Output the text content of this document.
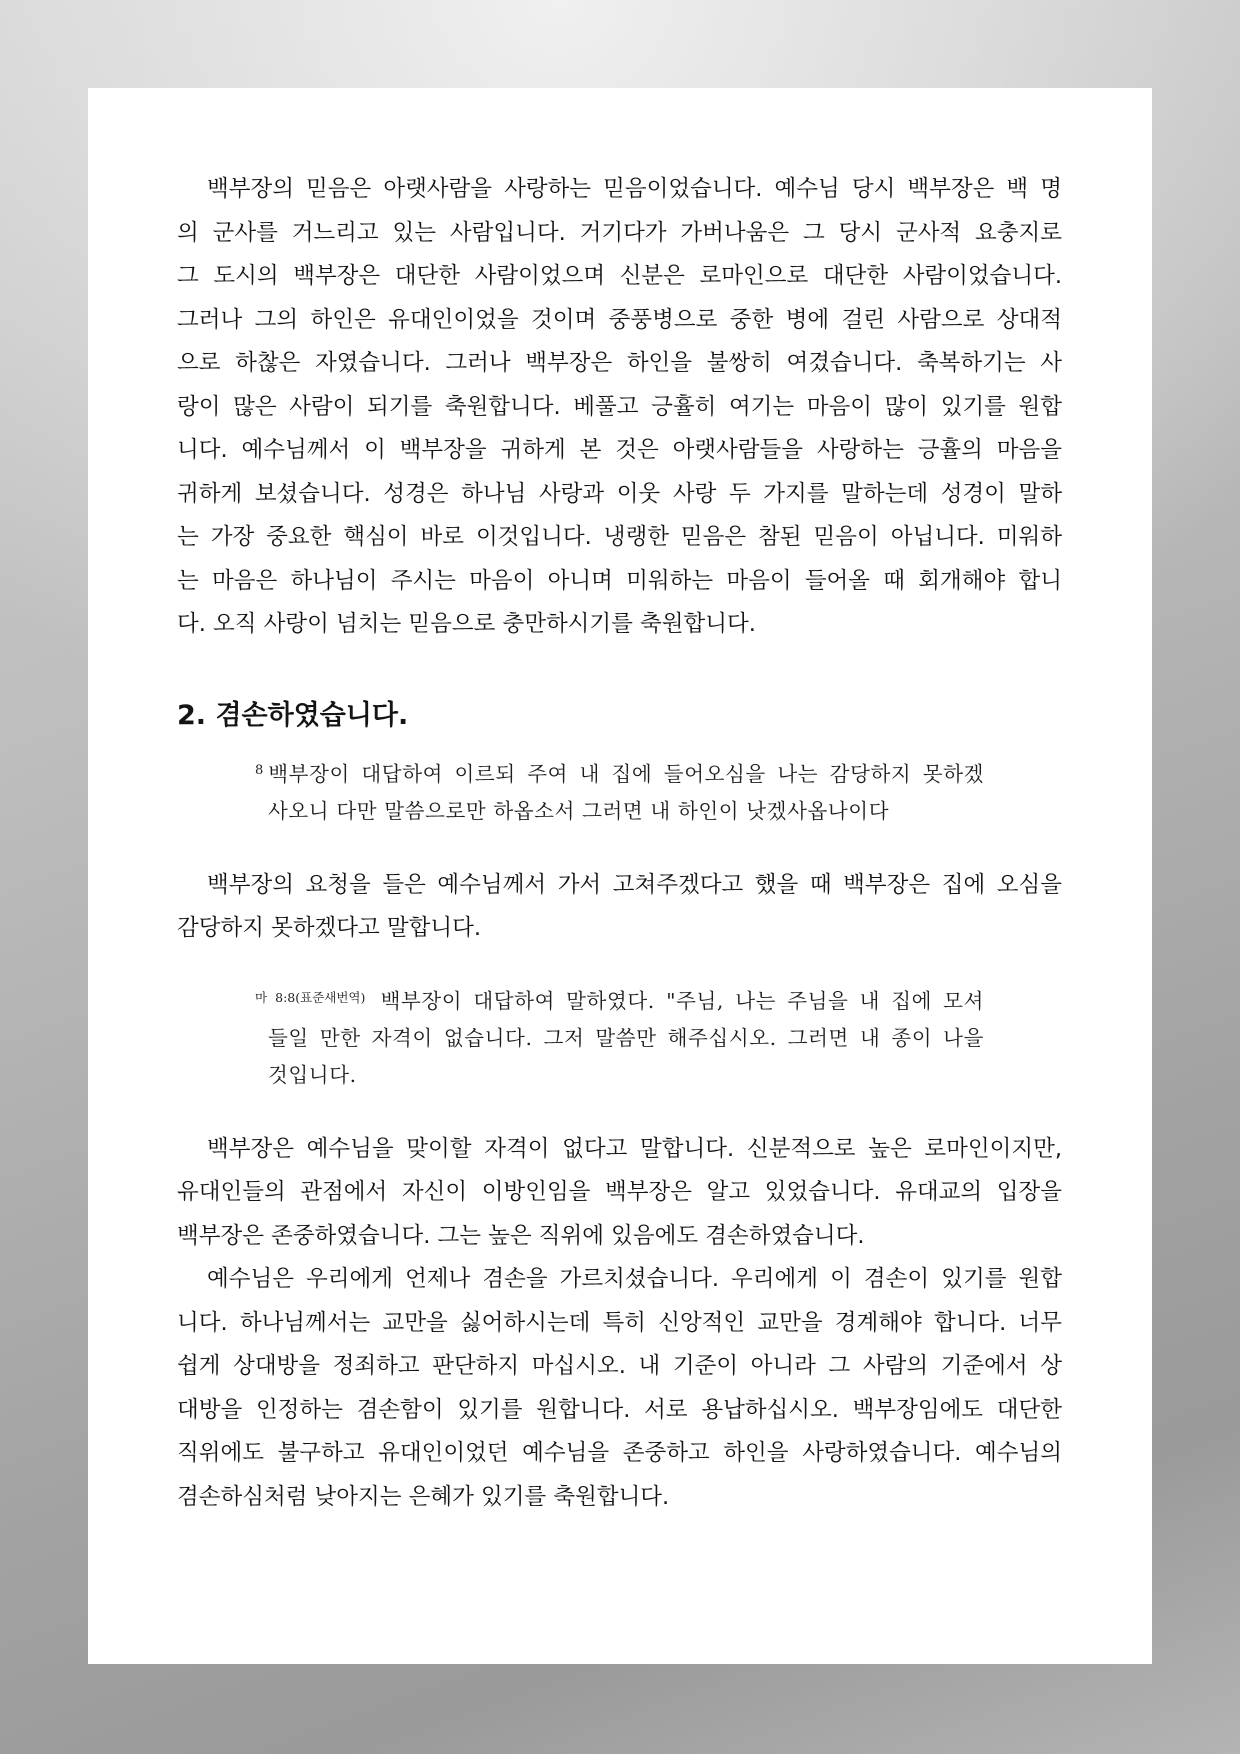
백부장의 믿음은 아랫사람을 사랑하는 믿음이었습니다. 예수님 당시 백부장은 백 명
의 군사를 거느리고 있는 사람입니다. 거기다가 가버나움은 그 당시 군사적 요충지로
그 도시의 백부장은 대단한 사람이었으며 신분은 로마인으로 대단한 사람이었습니다.
그러나 그의 하인은 유대인이었을 것이며 중풍병으로 중한 병에 걸린 사람으로 상대적
으로 하찮은 자였습니다. 그러나 백부장은 하인을 불쌍히 여겼습니다. 축복하기는 사
랑이 많은 사람이 되기를 축원합니다. 베풀고 긍휼히 여기는 마음이 많이 있기를 원합
니다. 예수님께서 이 백부장을 귀하게 본 것은 아랫사람들을 사랑하는 긍휼의 마음을
귀하게 보셨습니다. 성경은 하나님 사랑과 이웃 사랑 두 가지를 말하는데 성경이 말하
는 가장 중요한 핵심이 바로 이것입니다. 냉랭한 믿음은 참된 믿음이 아닙니다. 미워하
는 마음은 하나님이 주시는 마음이 아니며 미워하는 마음이 들어올 때 회개해야 합니
다. 오직 사랑이 넘치는 믿음으로 충만하시기를 축원합니다.
2. 겸손하였습니다.
$^8$ 백부장이 대답하여 이르되 주여 내 집에 들어오심을 나는 감당하지 못하겠
사오니 다만 말씀으로만 하옵소서 그러면 내 하인이 낫겠사옵나이다
백부장의 요청을 들은 예수님께서 가서 고쳐주겠다고 했을 때 백부장은 집에 오심을
감당하지 못하겠다고 말합니다.
$^{마 8:8(표준새번역)}$ 백부장이 대답하여 말하였다. "주님, 나는 주님을 내 집에 모셔
들일 만한 자격이 없습니다. 그저 말씀만 해주십시오. 그러면 내 종이 나을
것입니다.
백부장은 예수님을 맞이할 자격이 없다고 말합니다. 신분적으로 높은 로마인이지만,
유대인들의 관점에서 자신이 이방인임을 백부장은 알고 있었습니다. 유대교의 입장을
백부장은 존중하였습니다. 그는 높은 직위에 있음에도 겸손하였습니다.
예수님은 우리에게 언제나 겸손을 가르치셨습니다. 우리에게 이 겸손이 있기를 원합
니다. 하나님께서는 교만을 싫어하시는데 특히 신앙적인 교만을 경계해야 합니다. 너무
쉽게 상대방을 정죄하고 판단하지 마십시오. 내 기준이 아니라 그 사람의 기준에서 상
대방을 인정하는 겸손함이 있기를 원합니다. 서로 용납하십시오. 백부장임에도 대단한
직위에도 불구하고 유대인이었던 예수님을 존중하고 하인을 사랑하였습니다. 예수님의
겸손하심처럼 낮아지는 은혜가 있기를 축원합니다.
